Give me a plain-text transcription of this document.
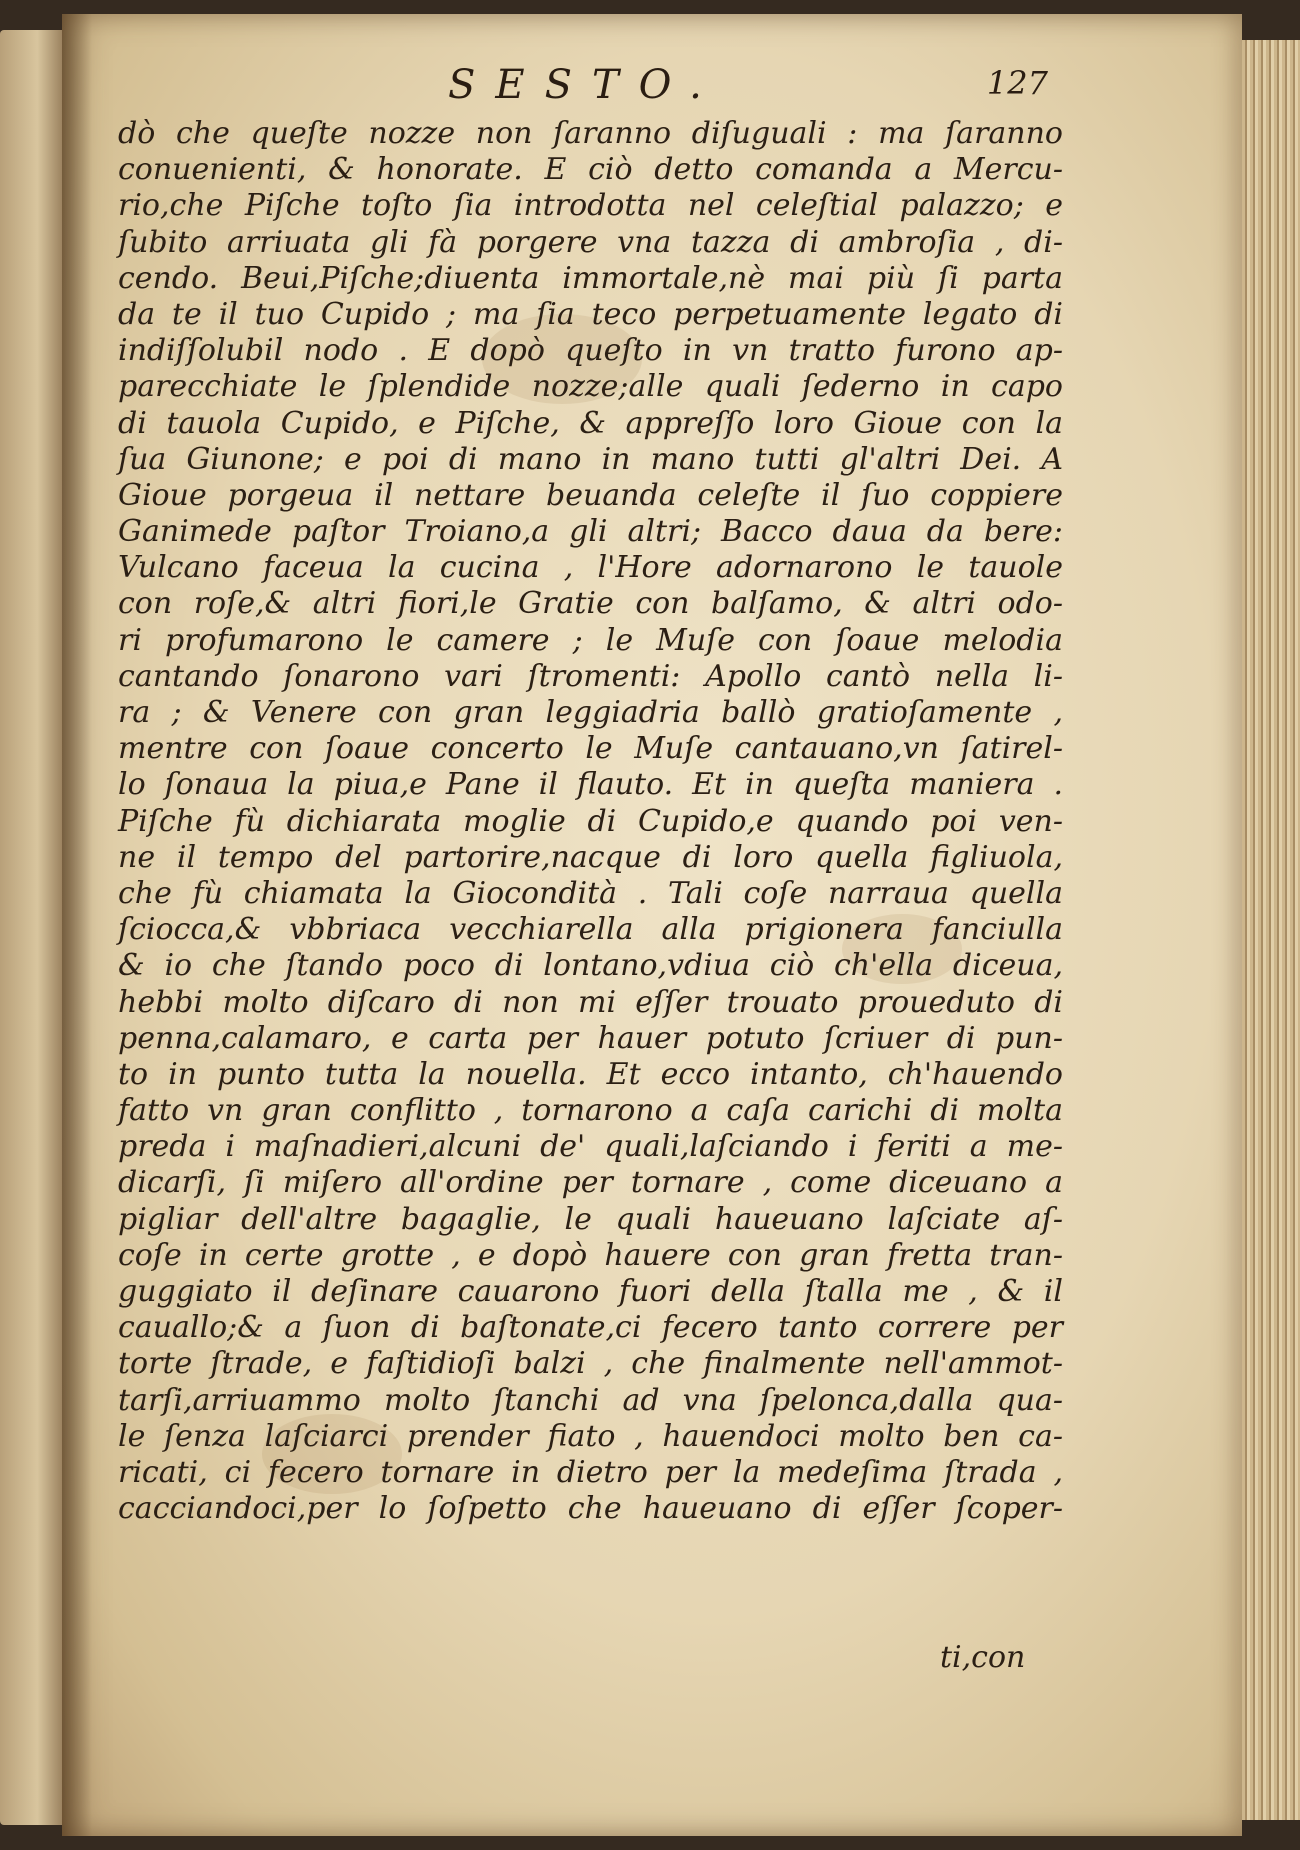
SESTO.	127
dò che queſte nozze non ſaranno diſuguali : ma ſaranno
conuenienti, & honorate. E ciò detto comanda a Mercu-
rio,che Piſche toſto ſia introdotta nel celeſtial palazzo; e
ſubito arriuata gli fà porgere vna tazza di ambroſia , di-
cendo. Beui,Piſche;diuenta immortale,nè mai più ſi parta
da te il tuo Cupido ; ma ſia teco perpetuamente legato di
indiſſolubil nodo . E dopò queſto in vn tratto furono ap-
parecchiate le ſplendide nozze;alle quali ſederno in capo
di tauola Cupido, e Piſche, & appreſſo loro Gioue con la
ſua Giunone; e poi di mano in mano tutti gl'altri Dei. A
Gioue porgeua il nettare beuanda celeſte il ſuo coppiere
Ganimede paſtor Troiano,a gli altri; Bacco daua da bere:
Vulcano faceua la cucina , l'Hore adornarono le tauole
con roſe,& altri fiori,le Gratie con balſamo, & altri odo-
ri profumarono le camere ; le Muſe con ſoaue melodia
cantando ſonarono vari ſtromenti: Apollo cantò nella li-
ra ; & Venere con gran leggiadria ballò gratioſamente ,
mentre con ſoaue concerto le Muſe cantauano,vn ſatirel-
lo ſonaua la piua,e Pane il flauto. Et in queſta maniera .
Piſche fù dichiarata moglie di Cupido,e quando poi ven-
ne il tempo del partorire,nacque di loro quella figliuola,
che fù chiamata la Giocondità . Tali coſe narraua quella
ſciocca,& vbbriaca vecchiarella alla prigionera fanciulla
& io che ſtando poco di lontano,vdiua ciò ch'ella diceua,
hebbi molto diſcaro di non mi eſſer trouato proueduto di
penna,calamaro, e carta per hauer potuto ſcriuer di pun-
to in punto tutta la nouella. Et ecco intanto, ch'hauendo
fatto vn gran conflitto , tornarono a caſa carichi di molta
preda i maſnadieri,alcuni de' quali,laſciando i feriti a me-
dicarſi, ſi miſero all'ordine per tornare , come diceuano a
pigliar dell'altre bagaglie, le quali haueuano laſciate aſ-
coſe in certe grotte , e dopò hauere con gran fretta tran-
guggiato il deſinare cauarono fuori della ſtalla me , & il
cauallo;& a ſuon di baſtonate,ci fecero tanto correre per
torte ſtrade, e faſtidioſi balzi , che finalmente nell'ammot-
tarſi,arriuammo molto ſtanchi ad vna ſpelonca,dalla qua-
le ſenza laſciarci prender fiato , hauendoci molto ben ca-
ricati, ci fecero tornare in dietro per la medeſima ſtrada ,
cacciandoci,per lo ſoſpetto che haueuano di eſſer ſcoper-
ti,con
